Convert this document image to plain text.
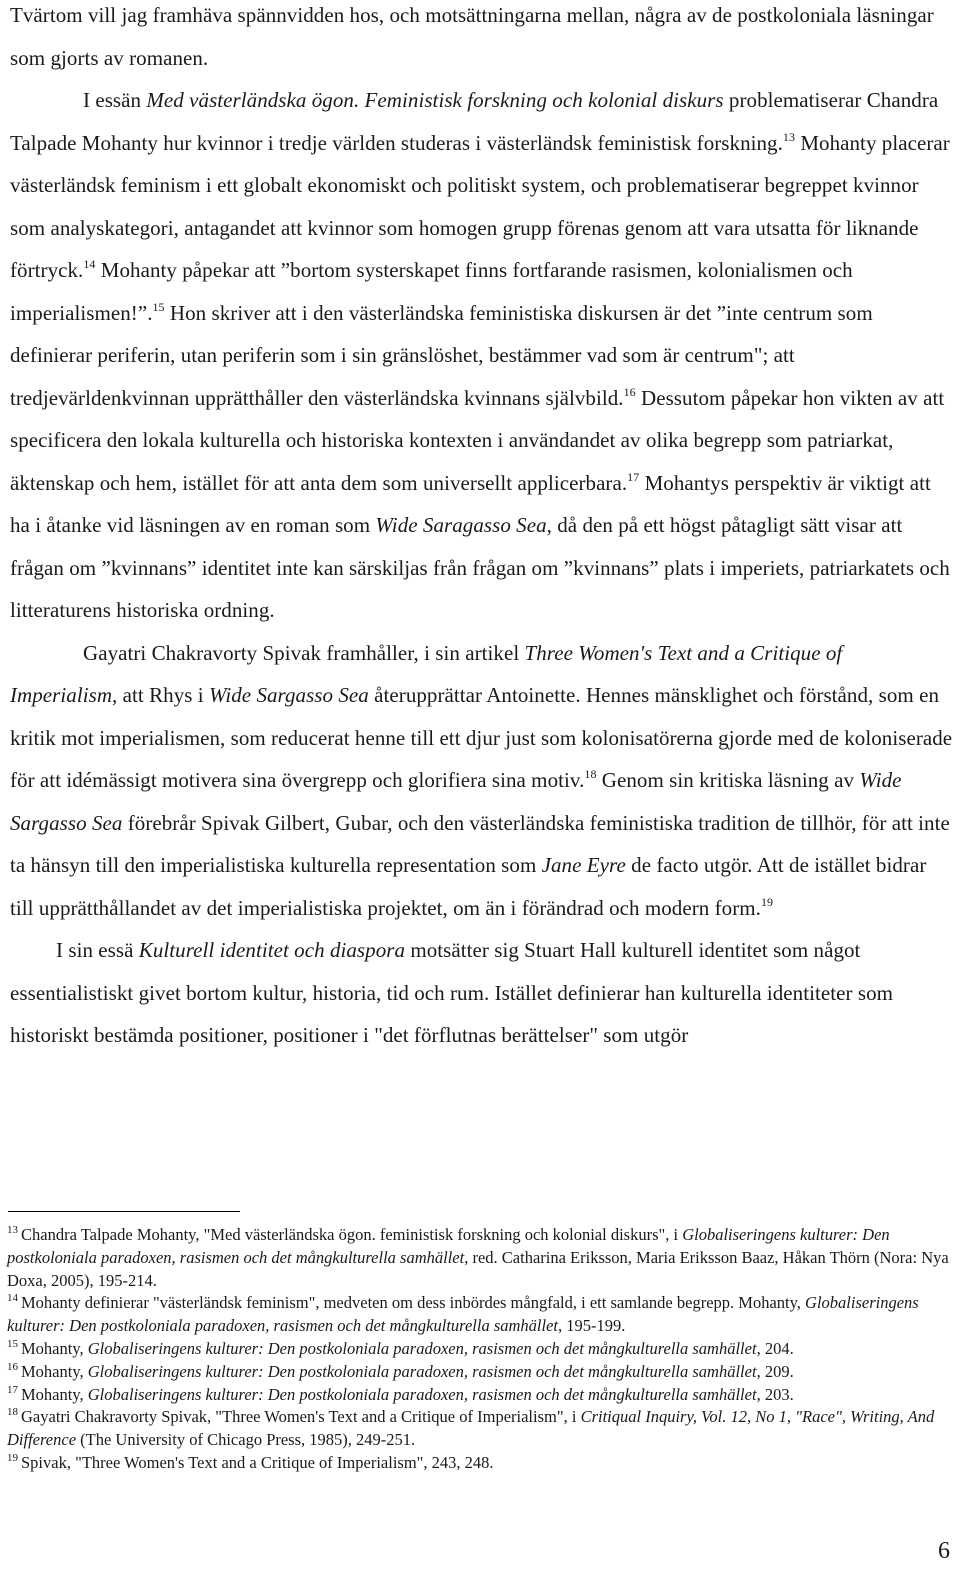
Tvärtom vill jag framhäva spännvidden hos, och motsättningarna mellan, några av de postkoloniala läsningar som gjorts av romanen.

I essän Med västerländska ögon. Feministisk forskning och kolonial diskurs problematiserar Chandra Talpade Mohanty hur kvinnor i tredje världen studeras i västerländsk feministisk forskning.$^{13}$ Mohanty placerar västerländsk feminism i ett globalt ekonomiskt och politiskt system, och problematiserar begreppet kvinnor som analyskategori, antagandet att kvinnor som homogen grupp förenas genom att vara utsatta för liknande förtryck.$^{14}$ Mohanty påpekar att ”bortom systerskapet finns fortfarande rasismen, kolonialismen och imperialismen!”.$^{15}$ Hon skriver att i den västerländska feministiska diskursen är det ”inte centrum som definierar periferin, utan periferin som i sin gränslöshet, bestämmer vad som är centrum"; att tredjevärldenkvinnan upprätthåller den västerländska kvinnans självbild.$^{16}$ Dessutom påpekar hon vikten av att specificera den lokala kulturella och historiska kontexten i användandet av olika begrepp som patriarkat, äktenskap och hem, istället för att anta dem som universellt applicerbara.$^{17}$ Mohantys perspektiv är viktigt att ha i åtanke vid läsningen av en roman som Wide Saragasso Sea, då den på ett högst påtagligt sätt visar att frågan om ”kvinnans” identitet inte kan särskiljas från frågan om ”kvinnans” plats i imperiets, patriarkatets och litteraturens historiska ordning.

Gayatri Chakravorty Spivak framhåller, i sin artikel Three Women's Text and a Critique of Imperialism, att Rhys i Wide Sargasso Sea återupprättar Antoinette. Hennes mänsklighet och förstånd, som en kritik mot imperialismen, som reducerat henne till ett djur just som kolonisatörerna gjorde med de koloniserade för att idémässigt motivera sina övergrepp och glorifiera sina motiv.$^{18}$ Genom sin kritiska läsning av Wide Sargasso Sea förebrår Spivak Gilbert, Gubar, och den västerländska feministiska tradition de tillhör, för att inte ta hänsyn till den imperialistiska kulturella representation som Jane Eyre de facto utgör. Att de istället bidrar till upprätthållandet av det imperialistiska projektet, om än i förändrad och modern form.$^{19}$

I sin essä Kulturell identitet och diaspora motsätter sig Stuart Hall kulturell identitet som något essentialistiskt givet bortom kultur, historia, tid och rum. Istället definierar han kulturella identiteter som historiskt bestämda positioner, positioner i "det förflutnas berättelser" som utgör

$^{13}$ Chandra Talpade Mohanty, "Med västerländska ögon. feministisk forskning och kolonial diskurs", i Globaliseringens kulturer: Den postkoloniala paradoxen, rasismen och det mångkulturella samhället, red. Catharina Eriksson, Maria Eriksson Baaz, Håkan Thörn (Nora: Nya Doxa, 2005), 195-214.

$^{14}$ Mohanty definierar "västerländsk feminism", medveten om dess inbördes mångfald, i ett samlande begrepp. Mohanty, Globaliseringens kulturer: Den postkoloniala paradoxen, rasismen och det mångkulturella samhället, 195-199.

$^{15}$ Mohanty, Globaliseringens kulturer: Den postkoloniala paradoxen, rasismen och det mångkulturella samhället, 204.

$^{16}$ Mohanty, Globaliseringens kulturer: Den postkoloniala paradoxen, rasismen och det mångkulturella samhället, 209.

$^{17}$ Mohanty, Globaliseringens kulturer: Den postkoloniala paradoxen, rasismen och det mångkulturella samhället, 203.

$^{18}$ Gayatri Chakravorty Spivak, "Three Women's Text and a Critique of Imperialism", i Critiqual Inquiry, Vol. 12, No 1, "Race", Writing, And Difference (The University of Chicago Press, 1985), 249-251.

$^{19}$ Spivak, "Three Women's Text and a Critique of Imperialism", 243, 248.

6
